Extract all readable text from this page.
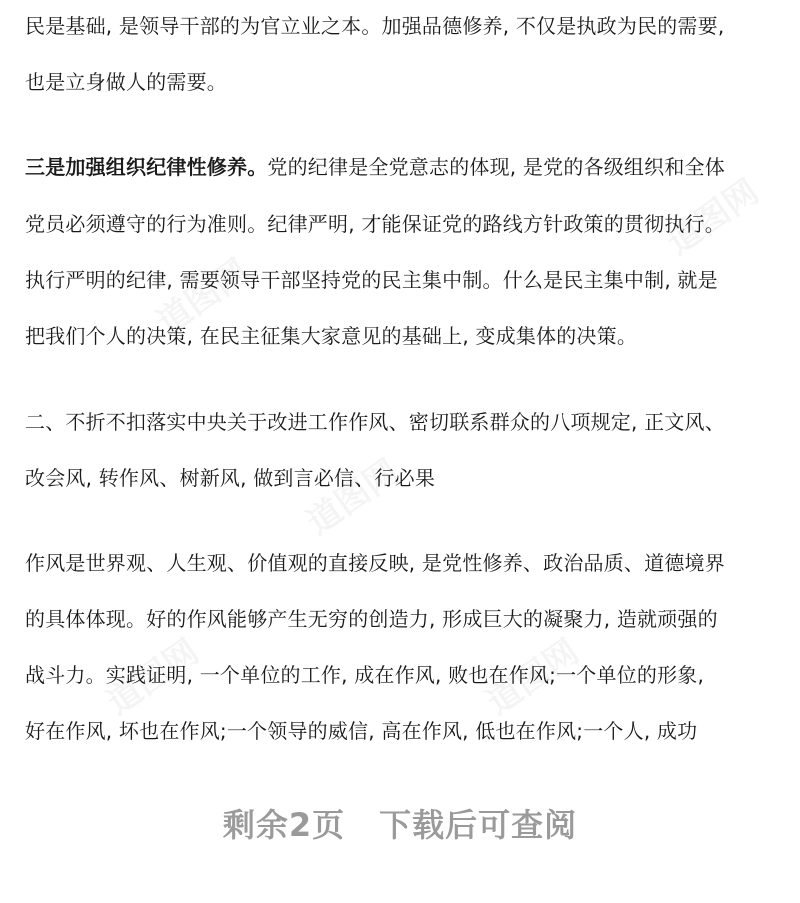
民是基础, 是领导干部的为官立业之本。加强品德修养, 不仅是执政为民的需要,
也是立身做人的需要。
三是加强组织纪律性修养。党的纪律是全党意志的体现, 是党的各级组织和全体
党员必须遵守的行为准则。纪律严明, 才能保证党的路线方针政策的贯彻执行。
执行严明的纪律, 需要领导干部坚持党的民主集中制。什么是民主集中制, 就是
把我们个人的决策, 在民主征集大家意见的基础上, 变成集体的决策。
二、不折不扣落实中央关于改进工作作风、密切联系群众的八项规定, 正文风、
改会风, 转作风、树新风, 做到言必信、行必果
作风是世界观、人生观、价值观的直接反映, 是党性修养、政治品质、道德境界
的具体体现。好的作风能够产生无穷的创造力, 形成巨大的凝聚力, 造就顽强的
战斗力。实践证明, 一个单位的工作, 成在作风, 败也在作风;一个单位的形象,
好在作风, 坏也在作风;一个领导的威信, 高在作风, 低也在作风;一个人, 成功
剩余2页 下载后可查阅
